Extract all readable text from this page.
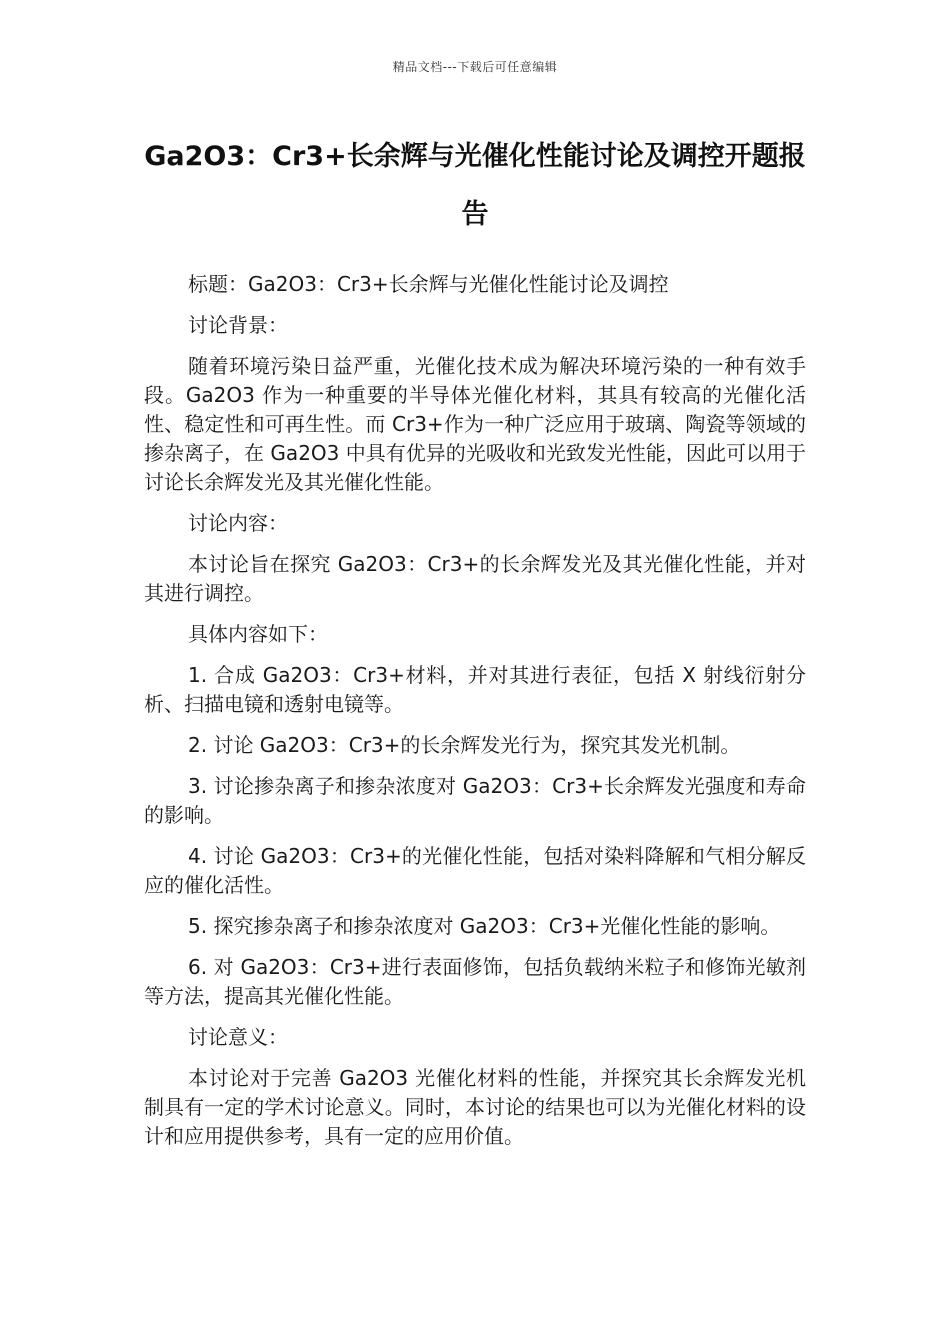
精品文档---下载后可任意编辑
Ga2O3：Cr3+长余辉与光催化性能讨论及调控开题报告

标题：Ga2O3：Cr3+长余辉与光催化性能讨论及调控

讨论背景：

随着环境污染日益严重，光催化技术成为解决环境污染的一种有效手段。Ga2O3 作为一种重要的半导体光催化材料，其具有较高的光催化活性、稳定性和可再生性。而 Cr3+作为一种广泛应用于玻璃、陶瓷等领域的掺杂离子，在 Ga2O3 中具有优异的光吸收和光致发光性能，因此可以用于讨论长余辉发光及其光催化性能。

讨论内容：

本讨论旨在探究 Ga2O3：Cr3+的长余辉发光及其光催化性能，并对其进行调控。

具体内容如下：

1. 合成 Ga2O3：Cr3+材料，并对其进行表征，包括 X 射线衍射分析、扫描电镜和透射电镜等。

2. 讨论 Ga2O3：Cr3+的长余辉发光行为，探究其发光机制。

3. 讨论掺杂离子和掺杂浓度对 Ga2O3：Cr3+长余辉发光强度和寿命的影响。

4. 讨论 Ga2O3：Cr3+的光催化性能，包括对染料降解和气相分解反应的催化活性。

5. 探究掺杂离子和掺杂浓度对 Ga2O3：Cr3+光催化性能的影响。

6. 对 Ga2O3：Cr3+进行表面修饰，包括负载纳米粒子和修饰光敏剂等方法，提高其光催化性能。

讨论意义：

本讨论对于完善 Ga2O3 光催化材料的性能，并探究其长余辉发光机制具有一定的学术讨论意义。同时，本讨论的结果也可以为光催化材料的设计和应用提供参考，具有一定的应用价值。
